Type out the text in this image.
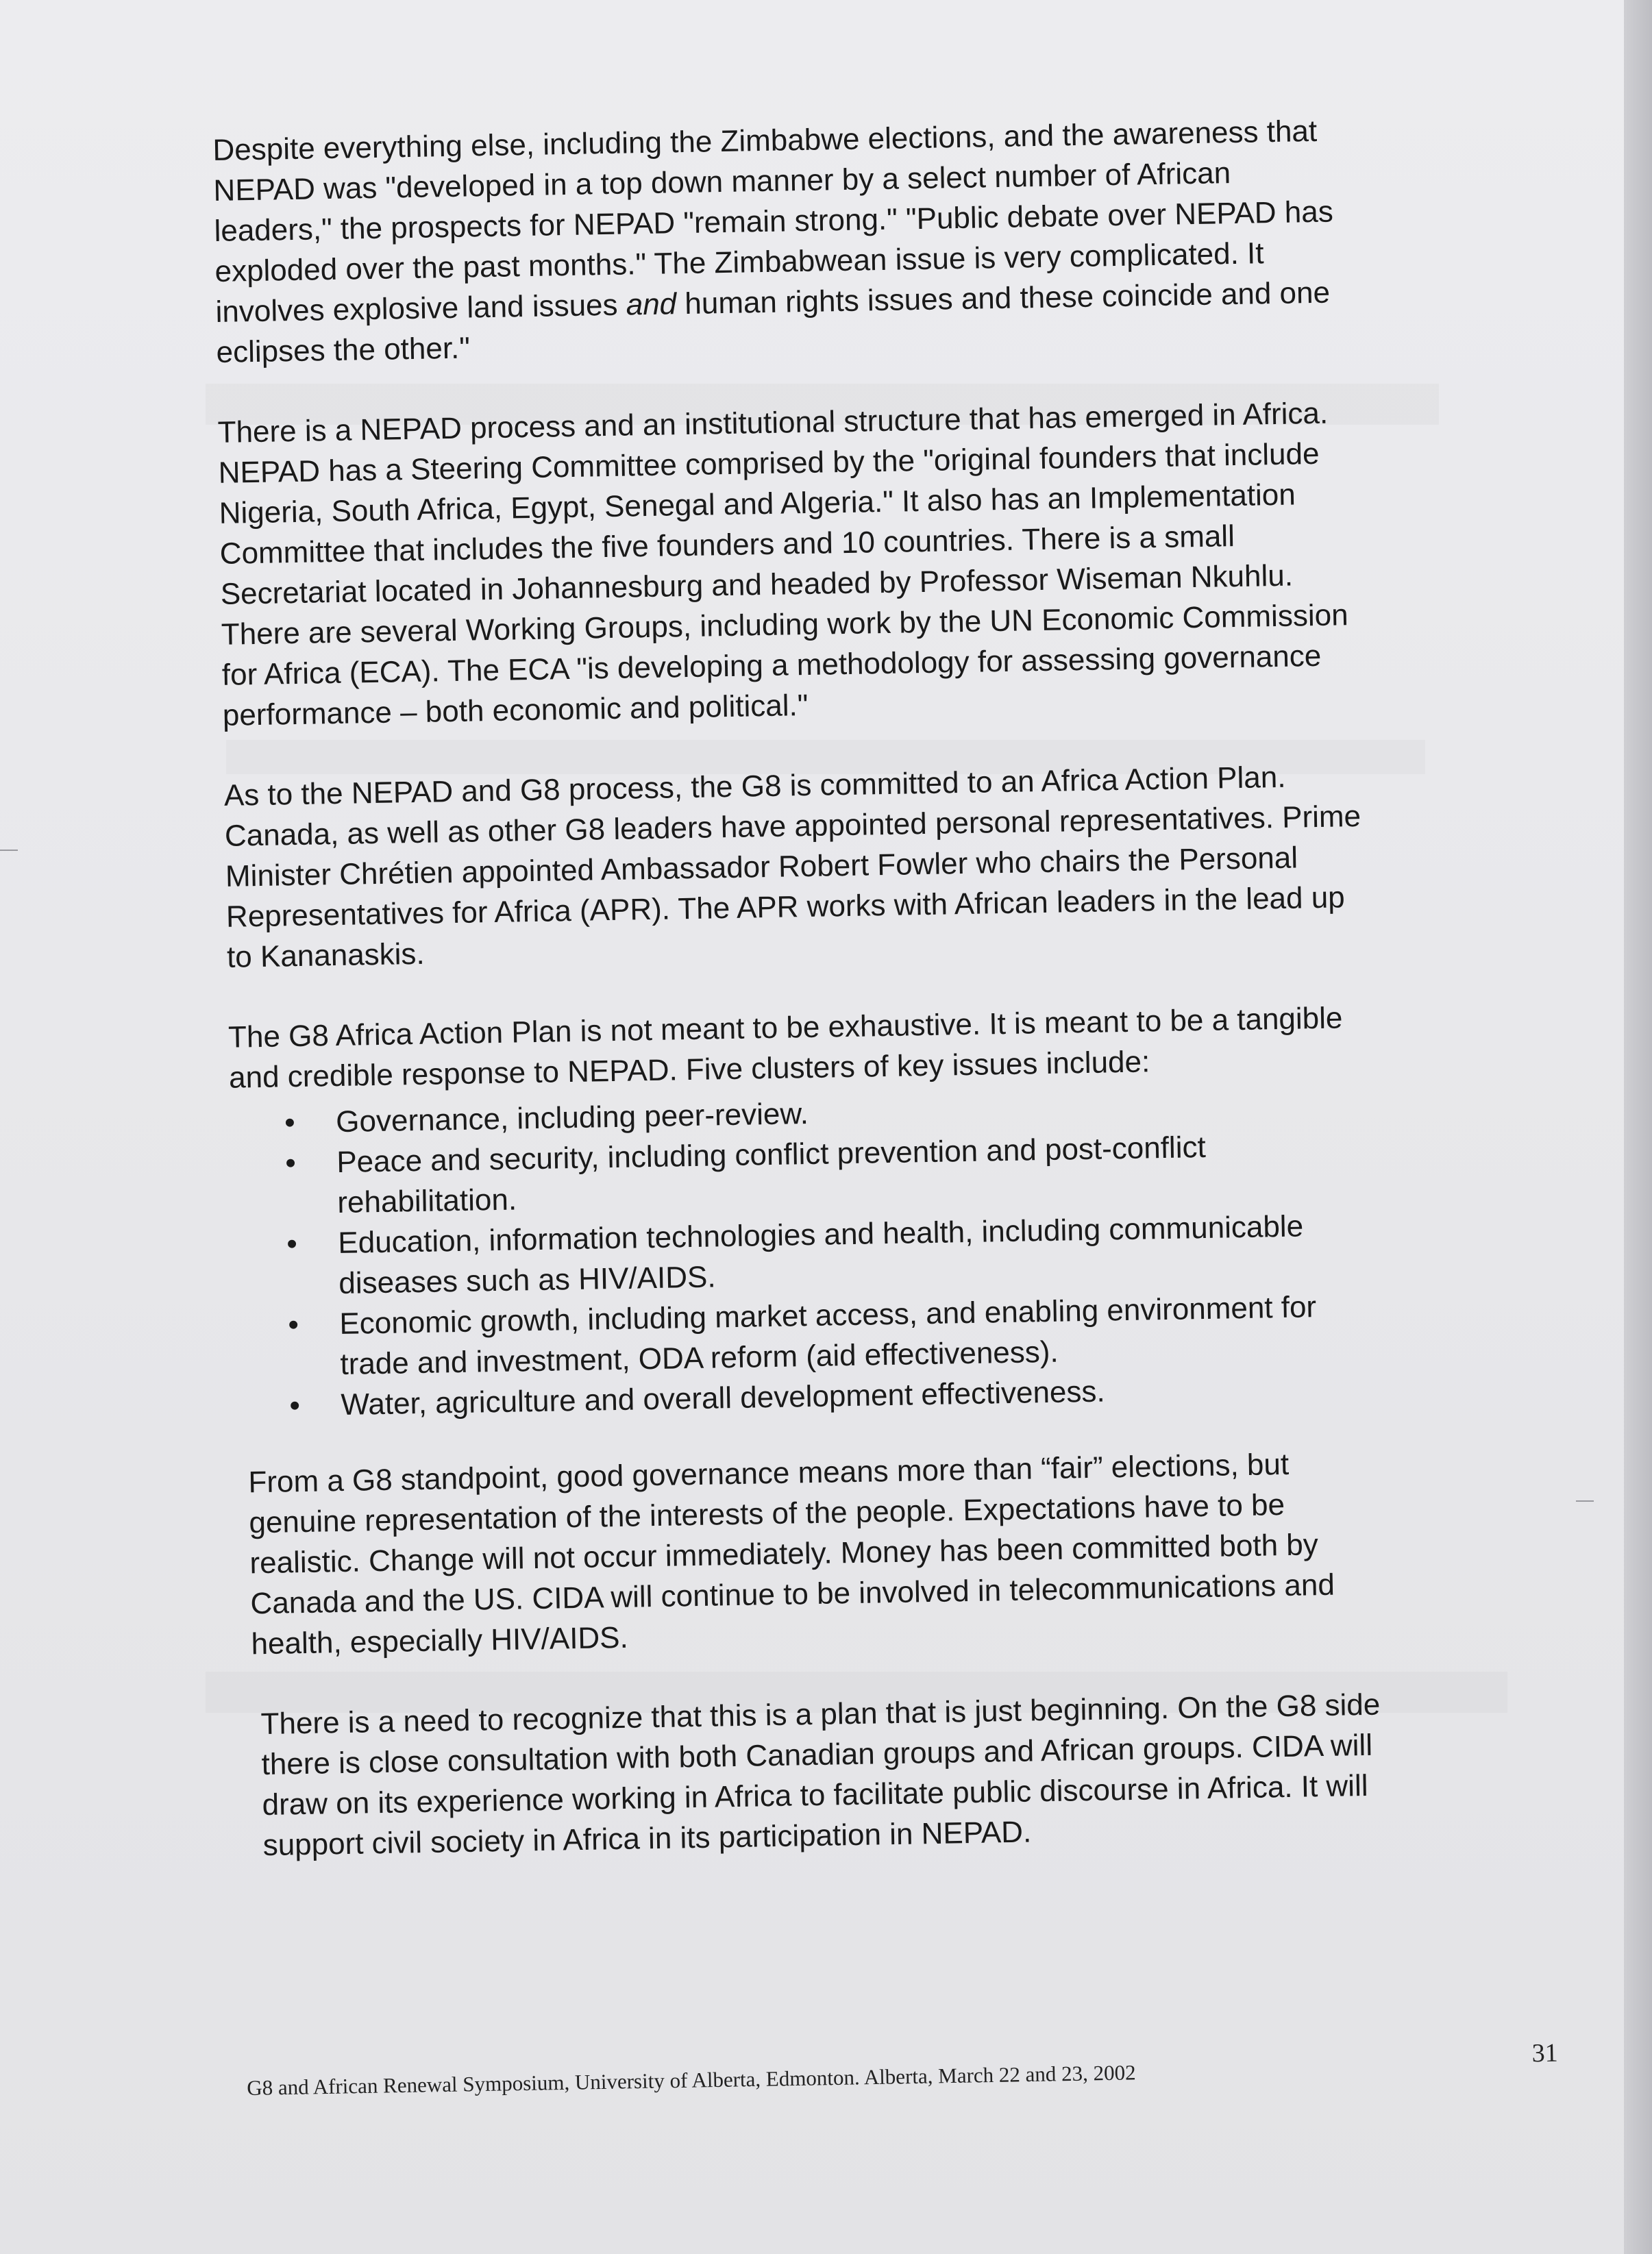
Despite everything else, including the Zimbabwe elections, and the awareness that
NEPAD was "developed in a top down manner by a select number of African
leaders," the prospects for NEPAD "remain strong." "Public debate over NEPAD has
exploded over the past months." The Zimbabwean issue is very complicated. It
involves explosive land issues and human rights issues and these coincide and one
eclipses the other."
There is a NEPAD process and an institutional structure that has emerged in Africa.
NEPAD has a Steering Committee comprised by the "original founders that include
Nigeria, South Africa, Egypt, Senegal and Algeria." It also has an Implementation
Committee that includes the five founders and 10 countries. There is a small
Secretariat located in Johannesburg and headed by Professor Wiseman Nkuhlu.
There are several Working Groups, including work by the UN Economic Commission
for Africa (ECA). The ECA "is developing a methodology for assessing governance
performance – both economic and political."
As to the NEPAD and G8 process, the G8 is committed to an Africa Action Plan.
Canada, as well as other G8 leaders have appointed personal representatives. Prime
Minister Chrétien appointed Ambassador Robert Fowler who chairs the Personal
Representatives for Africa (APR). The APR works with African leaders in the lead up
to Kananaskis.
The G8 Africa Action Plan is not meant to be exhaustive. It is meant to be a tangible
and credible response to NEPAD. Five clusters of key issues include:
• Governance, including peer-review.
• Peace and security, including conflict prevention and post-conflict
rehabilitation.
• Education, information technologies and health, including communicable
diseases such as HIV/AIDS.
• Economic growth, including market access, and enabling environment for
trade and investment, ODA reform (aid effectiveness).
• Water, agriculture and overall development effectiveness.
From a G8 standpoint, good governance means more than “fair” elections, but
genuine representation of the interests of the people. Expectations have to be
realistic. Change will not occur immediately. Money has been committed both by
Canada and the US. CIDA will continue to be involved in telecommunications and
health, especially HIV/AIDS.
There is a need to recognize that this is a plan that is just beginning. On the G8 side
there is close consultation with both Canadian groups and African groups. CIDA will
draw on its experience working in Africa to facilitate public discourse in Africa. It will
support civil society in Africa in its participation in NEPAD.
G8 and African Renewal Symposium, University of Alberta, Edmonton. Alberta, March 22 and 23, 2002
31
